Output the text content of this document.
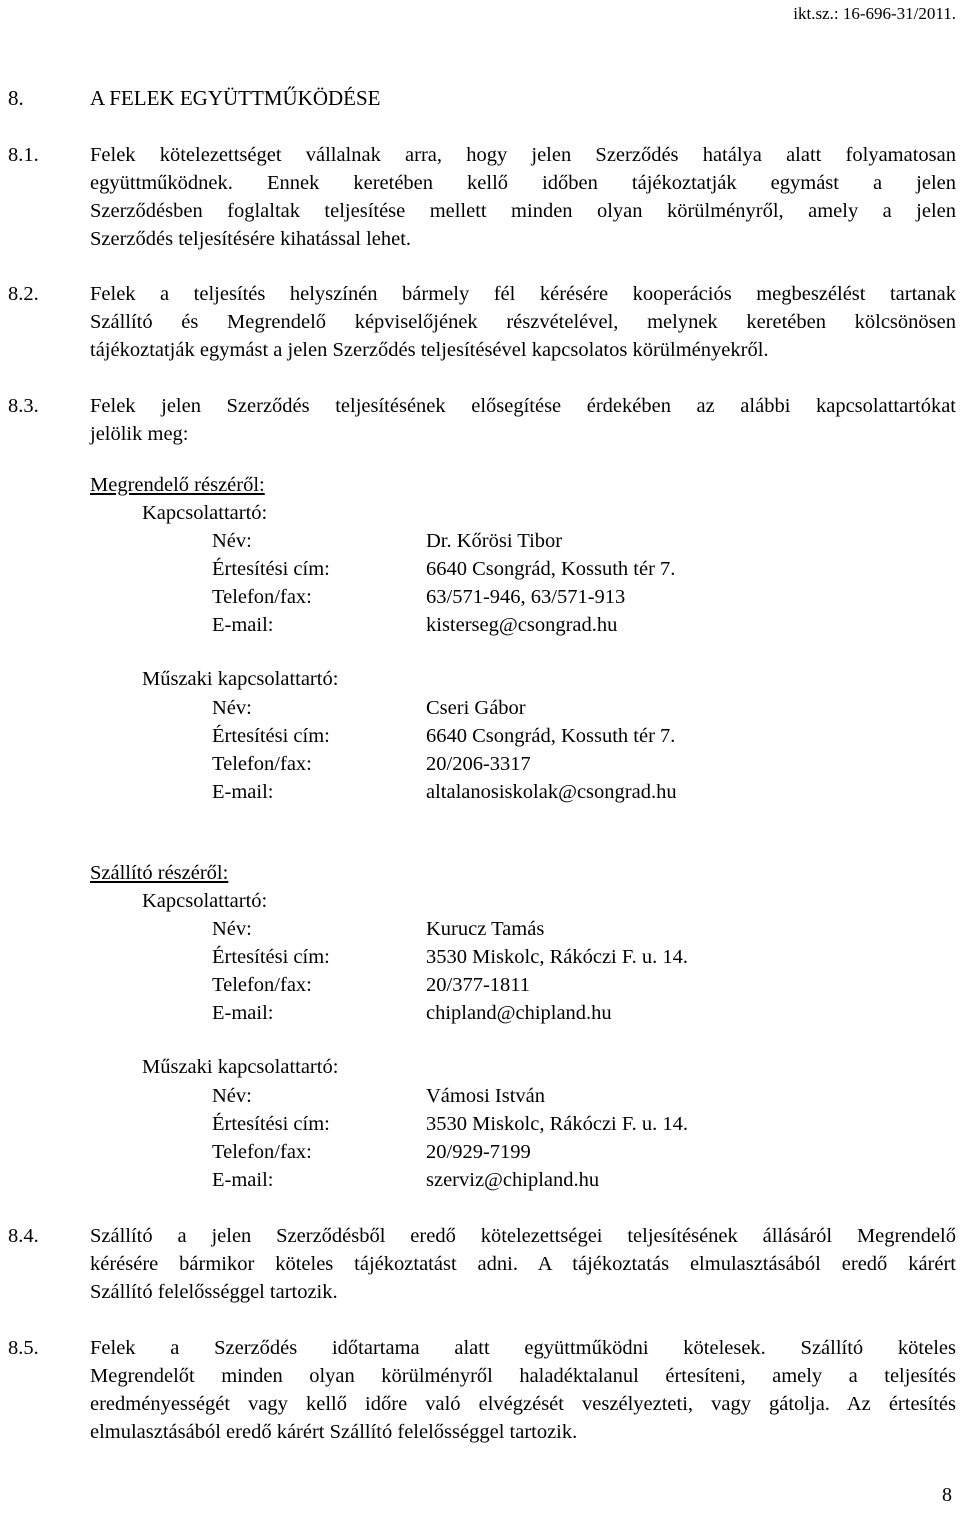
ikt.sz.: 16-696-31/2011.
8.	A FELEK EGYÜTTMŰKÖDÉSE
8.1.	Felek kötelezettséget vállalnak arra, hogy jelen Szerződés hatálya alatt folyamatosan
együttműködnek. Ennek keretében kellő időben tájékoztatják egymást a jelen
Szerződésben foglaltak teljesítése mellett minden olyan körülményről, amely a jelen
Szerződés teljesítésére kihatással lehet.
8.2.	Felek a teljesítés helyszínén bármely fél kérésére kooperációs megbeszélést tartanak
Szállító és Megrendelő képviselőjének részvételével, melynek keretében kölcsönösen
tájékoztatják egymást a jelen Szerződés teljesítésével kapcsolatos körülményekről.
8.3.	Felek jelen Szerződés teljesítésének elősegítése érdekében az alábbi kapcsolattartókat
jelölik meg:
Megrendelő részéről:
Kapcsolattartó:
Név:	Dr. Kőrösi Tibor
Értesítési cím:	6640 Csongrád, Kossuth tér 7.
Telefon/fax:	63/571-946, 63/571-913
E-mail:	kisterseg@csongrad.hu
Műszaki kapcsolattartó:
Név:	Cseri Gábor
Értesítési cím:	6640 Csongrád, Kossuth tér 7.
Telefon/fax:	20/206-3317
E-mail:	altalanosiskolak@csongrad.hu
Szállító részéről:
Kapcsolattartó:
Név:	Kurucz Tamás
Értesítési cím:	3530 Miskolc, Rákóczi F. u. 14.
Telefon/fax:	20/377-1811
E-mail:	chipland@chipland.hu
Műszaki kapcsolattartó:
Név:	Vámosi István
Értesítési cím:	3530 Miskolc, Rákóczi F. u. 14.
Telefon/fax:	20/929-7199
E-mail:	szerviz@chipland.hu
8.4.	Szállító a jelen Szerződésből eredő kötelezettségei teljesítésének állásáról Megrendelő
kérésére bármikor köteles tájékoztatást adni. A tájékoztatás elmulasztásából eredő kárért
Szállító felelősséggel tartozik.
8.5.	Felek a Szerződés időtartama alatt együttműködni kötelesek. Szállító köteles
Megrendelőt minden olyan körülményről haladéktalanul értesíteni, amely a teljesítés
eredményességét vagy kellő időre való elvégzését veszélyezteti, vagy gátolja. Az értesítés
elmulasztásából eredő kárért Szállító felelősséggel tartozik.
8
